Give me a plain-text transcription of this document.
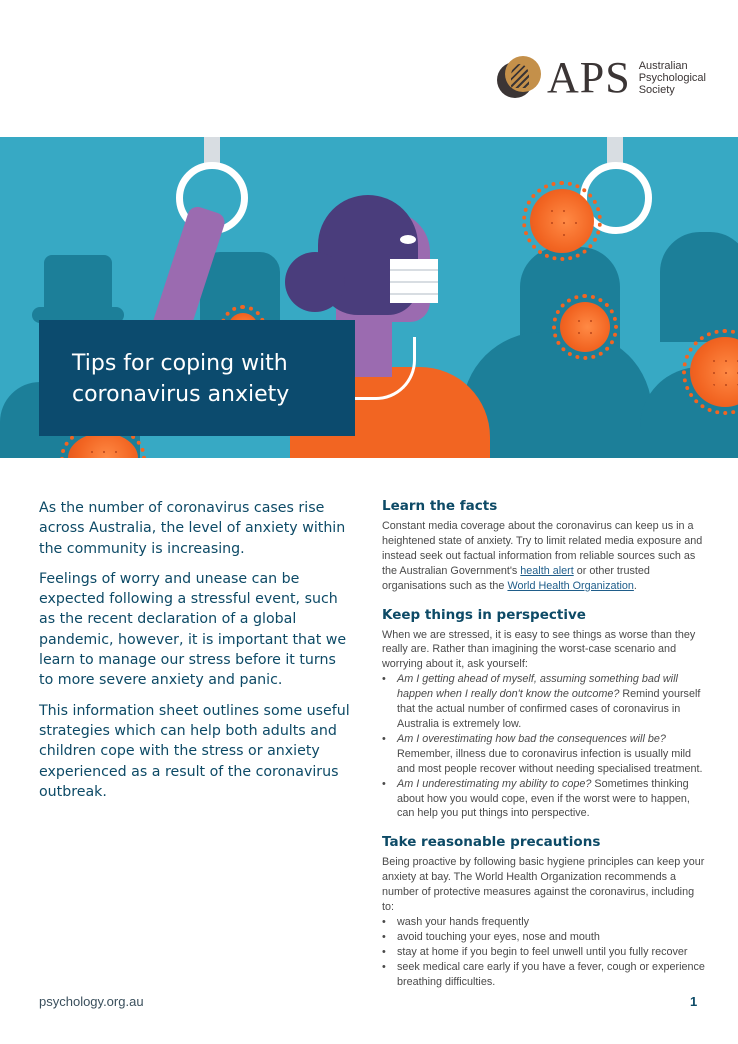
APS Australian
Psychological
Society
Tips for coping with
coronavirus anxiety

As the number of coronavirus cases rise across Australia, the level of anxiety within the community is increasing.

Feelings of worry and unease can be expected following a stressful event, such as the recent declaration of a global pandemic, however, it is important that we learn to manage our stress before it turns to more severe anxiety and panic.

This information sheet outlines some useful strategies which can help both adults and children cope with the stress or anxiety experienced as a result of the coronavirus outbreak.

Learn the facts

Constant media coverage about the coronavirus can keep us in a heightened state of anxiety. Try to limit related media exposure and instead seek out factual information from reliable sources such as the Australian Government's health alert or other trusted organisations such as the World Health Organization.

Keep things in perspective

When we are stressed, it is easy to see things as worse than they really are. Rather than imagining the worst-case scenario and worrying about it, ask yourself:

• Am I getting ahead of myself, assuming something bad will happen when I really don't know the outcome? Remind yourself that the actual number of confirmed cases of coronavirus in Australia is extremely low.
• Am I overestimating how bad the consequences will be? Remember, illness due to coronavirus infection is usually mild and most people recover without needing specialised treatment.
• Am I underestimating my ability to cope? Sometimes thinking about how you would cope, even if the worst were to happen, can help you put things into perspective.
Take reasonable precautions

Being proactive by following basic hygiene principles can keep your anxiety at bay. The World Health Organization recommends a number of protective measures against the coronavirus, including to:

• wash your hands frequently
• avoid touching your eyes, nose and mouth
• stay at home if you begin to feel unwell until you fully recover
• seek medical care early if you have a fever, cough or experience breathing difficulties.
psychology.org.au	1
